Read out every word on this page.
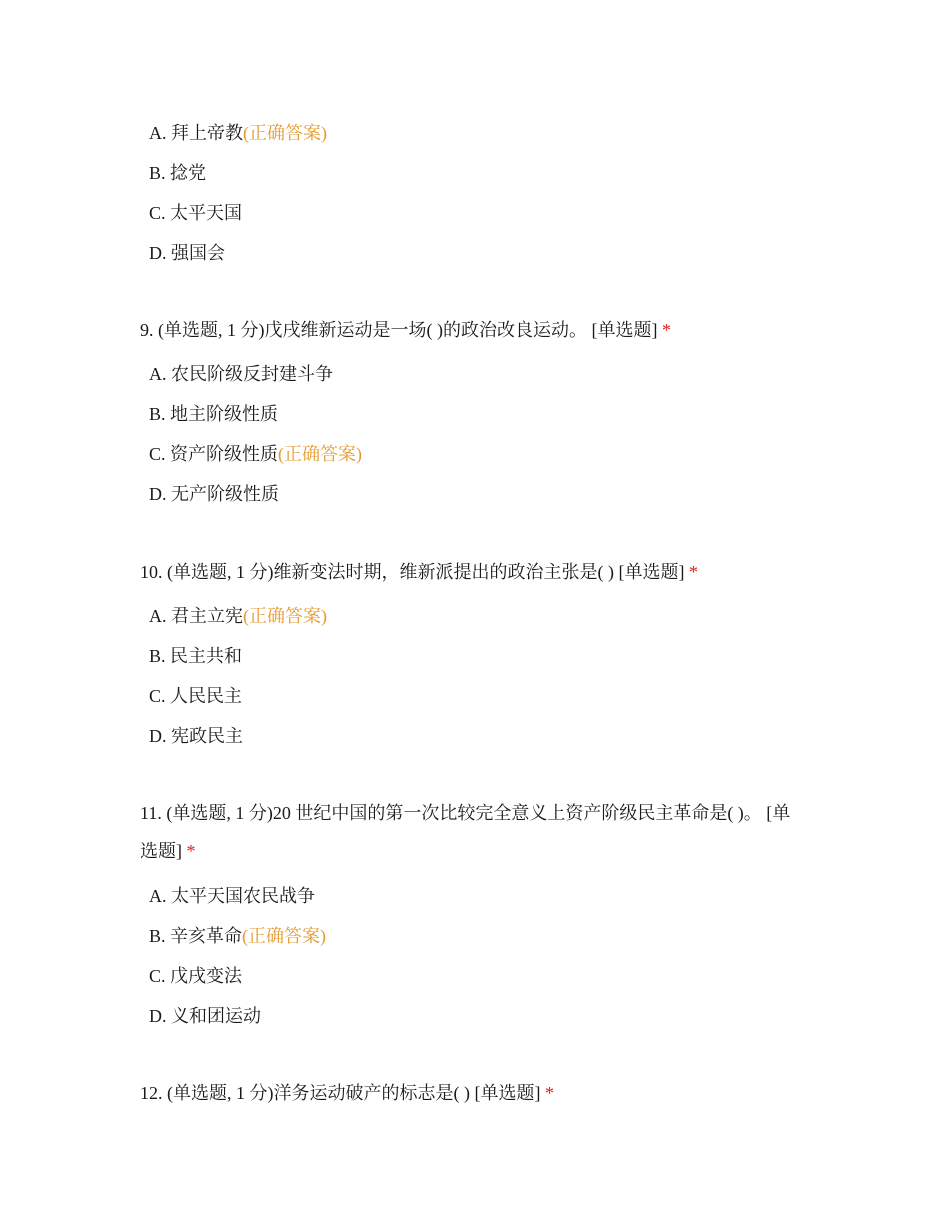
A. 拜上帝教(正确答案)
B. 捻党
C. 太平天国
D. 强国会
9. (单选题, 1 分)戊戌维新运动是一场( )的政治改良运动。 [单选题] *
A. 农民阶级反封建斗争
B. 地主阶级性质
C. 资产阶级性质(正确答案)
D. 无产阶级性质
10. (单选题, 1 分)维新变法时期，维新派提出的政治主张是( ) [单选题] *
A. 君主立宪(正确答案)
B. 民主共和
C. 人民民主
D. 宪政民主
11. (单选题, 1 分)20 世纪中国的第一次比较完全意义上资产阶级民主革命是( )。 [单选题] *
A. 太平天国农民战争
B. 辛亥革命(正确答案)
C. 戊戌变法
D. 义和团运动
12. (单选题, 1 分)洋务运动破产的标志是( ) [单选题] *
